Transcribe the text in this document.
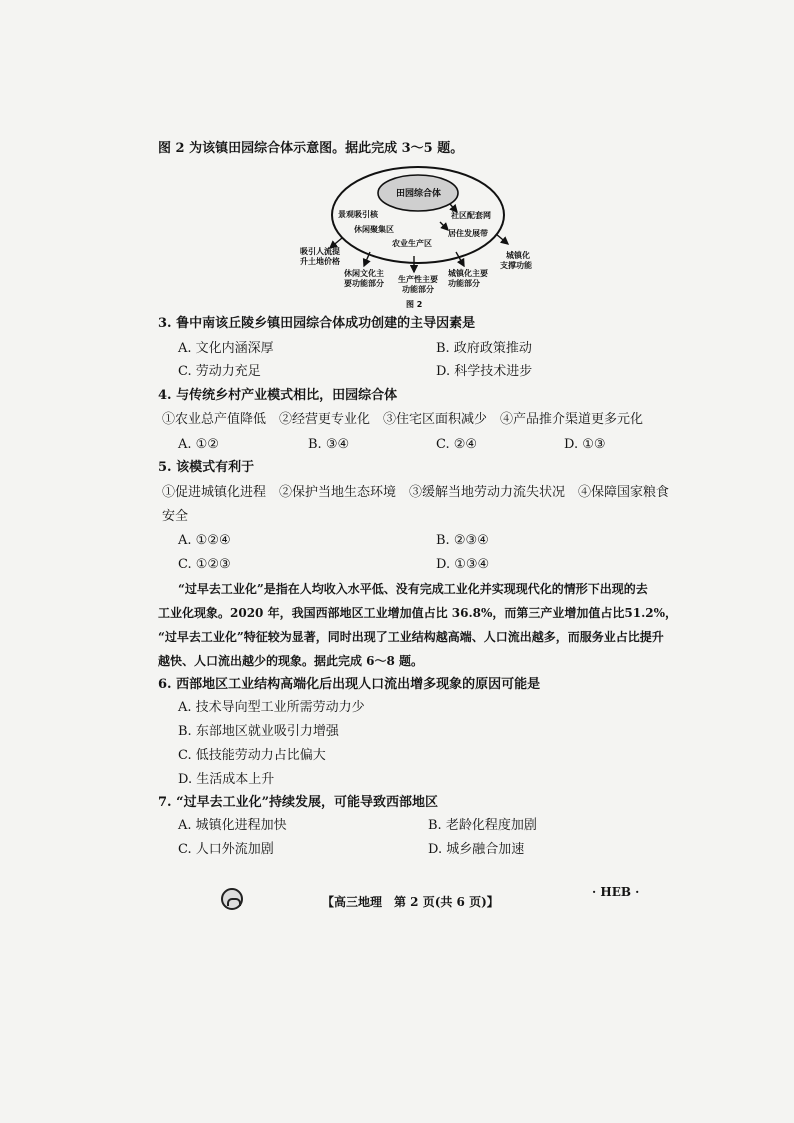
图 2 为该镇田园综合体示意图。据此完成 3～5 题。
田园综合体
景观吸引核
休闲聚集区
农业生产区
社区配套网
居住发展带
吸引人流提
升土地价格
休闲文化主
要功能部分 生产性主要
功能部分
城镇化主要
功能部分
城镇化
支撑功能
图 2
3. 鲁中南该丘陵乡镇田园综合体成功创建的主导因素是
A. 文化内涵深厚	B. 政府政策推动
C. 劳动力充足	D. 科学技术进步
4. 与传统乡村产业模式相比，田园综合体
①农业总产值降低　②经营更专业化　③住宅区面积减少　④产品推介渠道更多元化
A. ①②	B. ③④	C. ②④	D. ①③
5. 该模式有利于
①促进城镇化进程　②保护当地生态环境　③缓解当地劳动力流失状况　④保障国家粮食
安全
A. ①②④	B. ②③④
C. ①②③	D. ①③④
“过早去工业化”是指在人均收入水平低、没有完成工业化并实现现代化的情形下出现的去
工业化现象。2020 年，我国西部地区工业增加值占比 36.8%，而第三产业增加值占比51.2%，
“过早去工业化”特征较为显著，同时出现了工业结构越高端、人口流出越多，而服务业占比提升
越快、人口流出越少的现象。据此完成 6～8 题。
6. 西部地区工业结构高端化后出现人口流出增多现象的原因可能是
A. 技术导向型工业所需劳动力少
B. 东部地区就业吸引力增强
C. 低技能劳动力占比偏大
D. 生活成本上升
7. “过早去工业化”持续发展，可能导致西部地区
A. 城镇化进程加快	B. 老龄化程度加剧
C. 人口外流加剧	D. 城乡融合加速
【高三地理　第 2 页(共 6 页)】
· HEB ·
